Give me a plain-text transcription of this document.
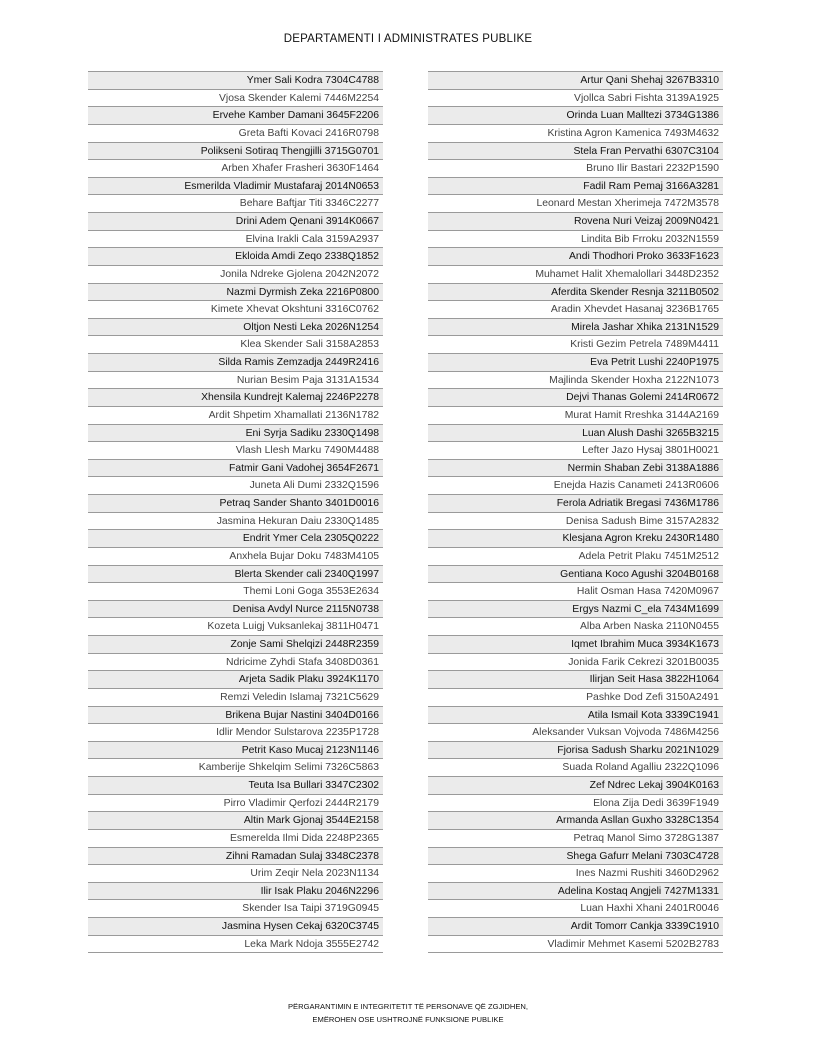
DEPARTAMENTI I ADMINISTRATES PUBLIKE
Ymer Sali Kodra 7304C4788
Vjosa Skender Kalemi 7446M2254
Ervehe Kamber Damani 3645F2206
Greta Bafti Kovaci 2416R0798
Polikseni Sotiraq Thengjilli 3715G0701
Arben Xhafer Frasheri 3630F1464
Esmerilda Vladimir Mustafaraj 2014N0653
Behare Baftjar Titi 3346C2277
Drini Adem Qenani 3914K0667
Elvina Irakli Cala 3159A2937
Ekloida Amdi Zeqo 2338Q1852
Jonila Ndreke Gjolena 2042N2072
Nazmi Dyrmish Zeka 2216P0800
Kimete Xhevat Okshtuni 3316C0762
Oltjon Nesti Leka 2026N1254
Klea Skender Sali 3158A2853
Silda Ramis Zemzadja 2449R2416
Nurian Besim Paja 3131A1534
Xhensila Kundrejt Kalemaj 2246P2278
Ardit Shpetim Xhamallati 2136N1782
Eni Syrja Sadiku 2330Q1498
Vlash Llesh Marku 7490M4488
Fatmir Gani Vadohej 3654F2671
Juneta Ali Dumi 2332Q1596
Petraq Sander Shanto 3401D0016
Jasmina Hekuran Daiu 2330Q1485
Endrit Ymer Cela 2305Q0222
Anxhela Bujar Doku 7483M4105
Blerta Skender cali 2340Q1997
Themi Loni Goga 3553E2634
Denisa Avdyl Nurce 2115N0738
Kozeta Luigj Vuksanlekaj 3811H0471
Zonje Sami Shelqizi 2448R2359
Ndricime Zyhdi Stafa 3408D0361
Arjeta Sadik Plaku 3924K1170
Remzi Veledin Islamaj 7321C5629
Brikena Bujar Nastini 3404D0166
Idlir Mendor Sulstarova 2235P1728
Petrit Kaso Mucaj 2123N1146
Kamberije Shkelqim Selimi 7326C5863
Teuta Isa Bullari 3347C2302
Pirro Vladimir Qerfozi 2444R2179
Altin Mark Gjonaj 3544E2158
Esmerelda Ilmi Dida 2248P2365
Zihni Ramadan Sulaj 3348C2378
Urim Zeqir Nela 2023N1134
Ilir Isak Plaku 2046N2296
Skender Isa Taipi 3719G0945
Jasmina Hysen Cekaj 6320C3745
Leka Mark Ndoja 3555E2742
Artur Qani Shehaj 3267B3310
Vjollca Sabri Fishta 3139A1925
Orinda Luan Malltezi 3734G1386
Kristina Agron Kamenica 7493M4632
Stela Fran Pervathi 6307C3104
Bruno Ilir Bastari 2232P1590
Fadil Ram Pemaj 3166A3281
Leonard Mestan Xherimeja 7472M3578
Rovena Nuri Veizaj 2009N0421
Lindita Bib Frroku 2032N1559
Andi Thodhori Proko 3633F1623
Muhamet Halit Xhemalollari 3448D2352
Aferdita Skender Resnja 3211B0502
Aradin Xhevdet Hasanaj 3236B1765
Mirela Jashar Xhika 2131N1529
Kristi Gezim Petrela 7489M4411
Eva Petrit Lushi 2240P1975
Majlinda Skender Hoxha 2122N1073
Dejvi Thanas Golemi 2414R0672
Murat Hamit Rreshka 3144A2169
Luan Alush Dashi 3265B3215
Lefter Jazo Hysaj 3801H0021
Nermin Shaban Zebi 3138A1886
Enejda Hazis Canameti 2413R0606
Ferola Adriatik Bregasi 7436M1786
Denisa Sadush Bime 3157A2832
Klesjana Agron Kreku 2430R1480
Adela Petrit Plaku 7451M2512
Gentiana Koco Agushi 3204B0168
Halit Osman Hasa 7420M0967
Ergys Nazmi C_ela 7434M1699
Alba Arben Naska 2110N0455
Iqmet Ibrahim Muca 3934K1673
Jonida Farik Cekrezi 3201B0035
Ilirjan Seit Hasa 3822H1064
Pashke Dod Zefi 3150A2491
Atila Ismail Kota 3339C1941
Aleksander Vuksan Vojvoda 7486M4256
Fjorisa Sadush Sharku 2021N1029
Suada Roland Agalliu 2322Q1096
Zef Ndrec Lekaj 3904K0163
Elona Zija Dedi 3639F1949
Armanda Asllan Guxho 3328C1354
Petraq Manol Simo 3728G1387
Shega Gafurr Melani 7303C4728
Ines Nazmi Rushiti 3460D2962
Adelina Kostaq Angjeli 7427M1331
Luan Haxhi Xhani 2401R0046
Ardit Tomorr Cankja 3339C1910
Vladimir Mehmet Kasemi 5202B2783
PËRGARANTIMIN E INTEGRITETIT TË PERSONAVE QË ZGJIDHEN,
EMËROHEN OSE USHTROJNË FUNKSIONE PUBLIKE
